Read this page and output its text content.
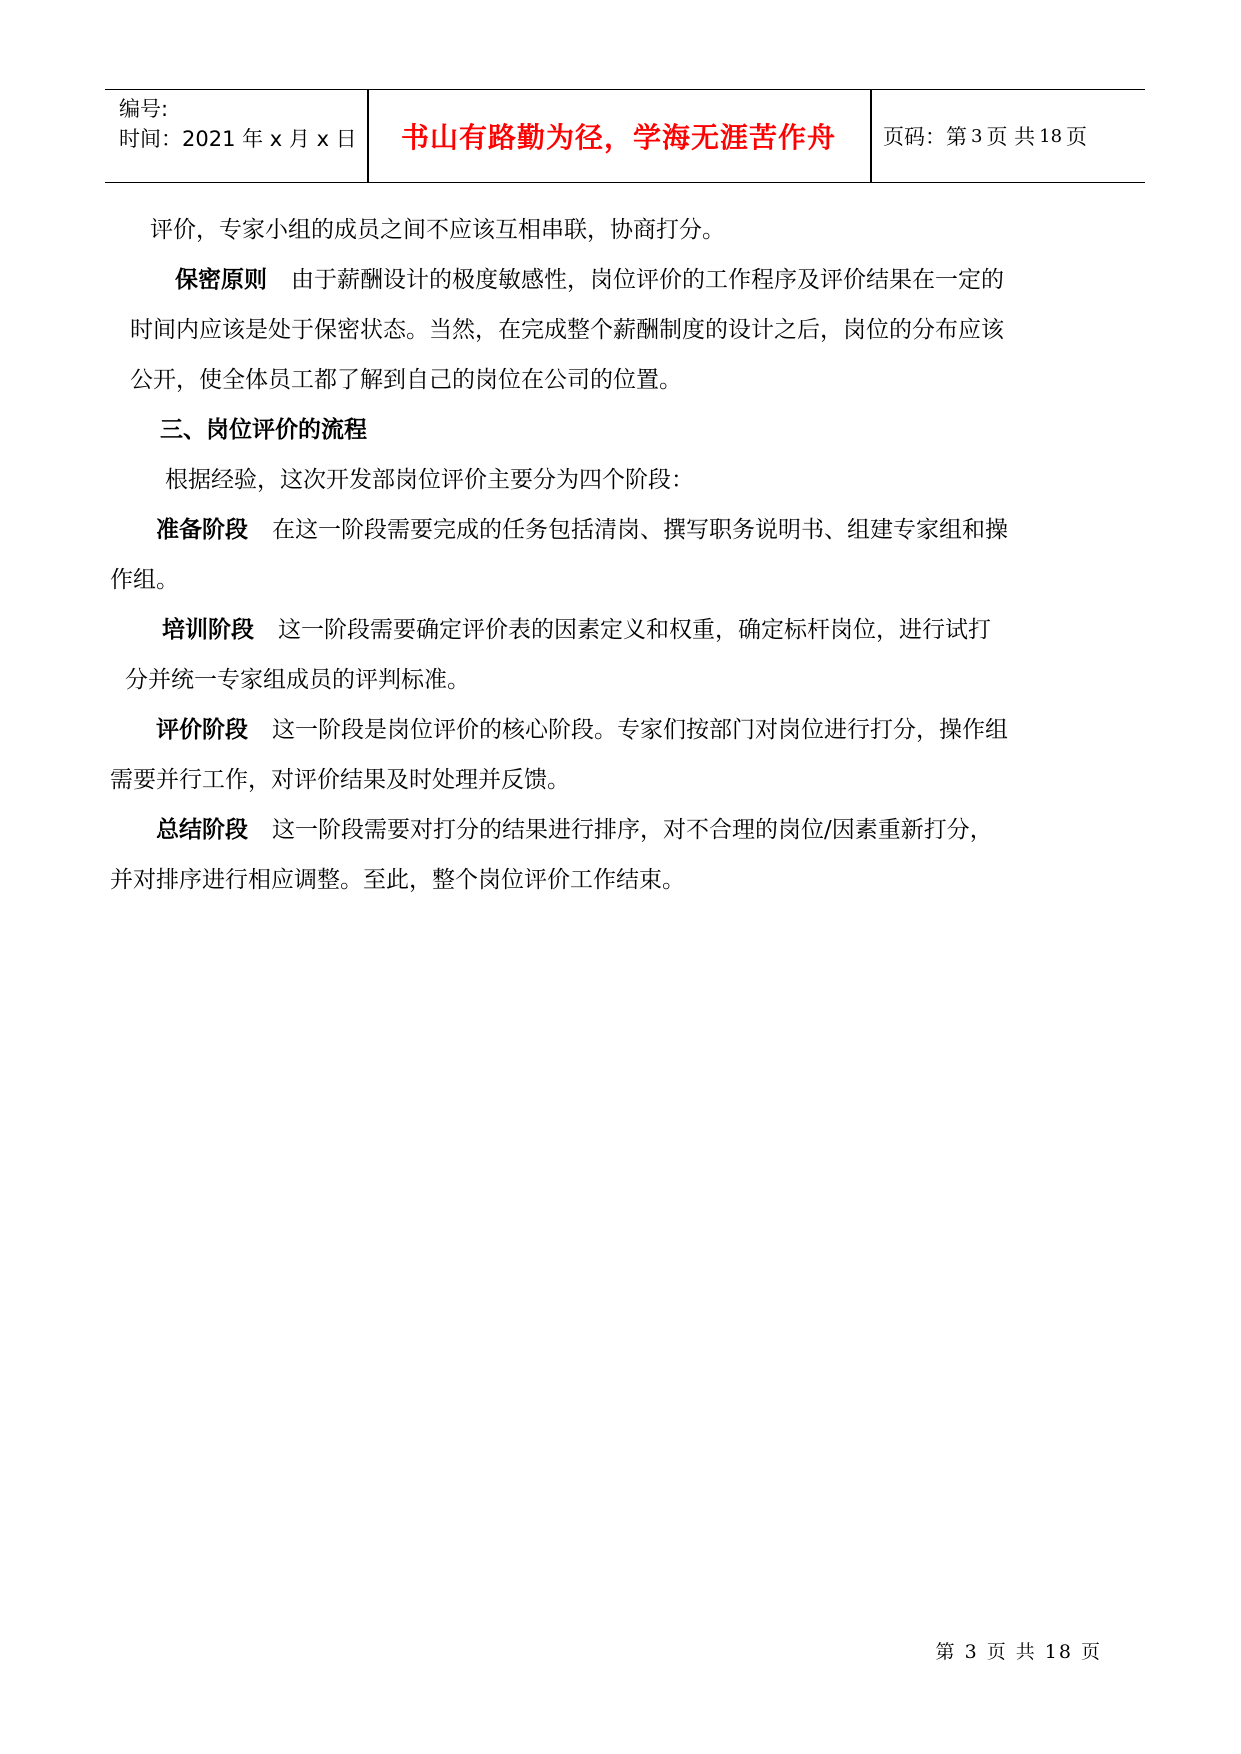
编号:
时间：2021 年 x 月 x 日	书山有路勤为径，学海无涯苦作舟	页码：第 3 页 共 18 页
评价，专家小组的成员之间不应该互相串联，协商打分。
保密原则 由于薪酬设计的极度敏感性，岗位评价的工作程序及评价结果在一定的
时间内应该是处于保密状态。当然，在完成整个薪酬制度的设计之后，岗位的分布应该
公开，使全体员工都了解到自己的岗位在公司的位置。
三、岗位评价的流程
根据经验，这次开发部岗位评价主要分为四个阶段：
准备阶段 在这一阶段需要完成的任务包括清岗、撰写职务说明书、组建专家组和操
作组。
培训阶段 这一阶段需要确定评价表的因素定义和权重，确定标杆岗位，进行试打
分并统一专家组成员的评判标准。
评价阶段 这一阶段是岗位评价的核心阶段。专家们按部门对岗位进行打分，操作组
需要并行工作，对评价结果及时处理并反馈。
总结阶段 这一阶段需要对打分的结果进行排序，对不合理的岗位/因素重新打分，
并对排序进行相应调整。至此，整个岗位评价工作结束。
第 3 页 共 18 页
